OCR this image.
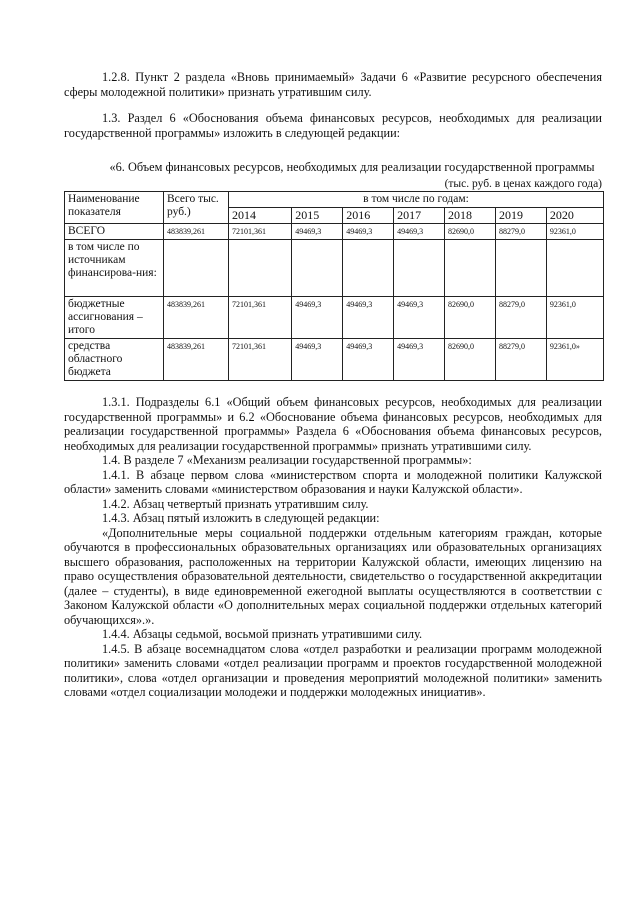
1.2.8. Пункт 2 раздела «Вновь принимаемый» Задачи 6 «Развитие ресурсного обеспечения сферы молодежной политики» признать утратившим силу.

1.3. Раздел 6 «Обоснования объема финансовых ресурсов, необходимых для реализации государственной программы» изложить в следующей редакции:

«6. Объем финансовых ресурсов, необходимых для реализации государственной программы

(тыс. руб. в ценах каждого года)

Наименование показателя	Всего тыс. руб.)	в том числе по годам:						
		2014	2015	2016	2017	2018	2019	2020
ВСЕГО	483839,261	72101,361	49469,3	49469,3	49469,3	82690,0	88279,0	92361,0
в том числе по источникам финансирова-ния:								
бюджетные ассигнования – итого	483839,261	72101,361	49469,3	49469,3	49469,3	82690,0	88279,0	92361,0
средства областного бюджета	483839,261	72101,361	49469,3	49469,3	49469,3	82690,0	88279,0	92361,0»

1.3.1. Подразделы 6.1 «Общий объем финансовых ресурсов, необходимых для реализации государственной программы» и 6.2 «Обоснование объема финансовых ресурсов, необходимых для реализации государственной программы» Раздела 6 «Обоснования объема финансовых ресурсов, необходимых для реализации государственной программы» признать утратившими силу.

1.4. В разделе 7 «Механизм реализации государственной программы»:

1.4.1. В абзаце первом слова «министерством спорта и молодежной политики Калужской области» заменить словами «министерством образования и науки Калужской области».

1.4.2. Абзац четвертый признать утратившим силу.

1.4.3. Абзац пятый изложить в следующей редакции:

«Дополнительные меры социальной поддержки отдельным категориям граждан, которые обучаются в профессиональных образовательных организациях или образовательных организациях высшего образования, расположенных на территории Калужской области, имеющих лицензию на право осуществления образовательной деятельности, свидетельство о государственной аккредитации (далее – студенты), в виде единовременной ежегодной выплаты осуществляются в соответствии с Законом Калужской области «О дополнительных мерах социальной поддержки отдельных категорий обучающихся».».

1.4.4. Абзацы седьмой, восьмой признать утратившими силу.

1.4.5. В абзаце восемнадцатом слова «отдел разработки и реализации программ молодежной политики» заменить словами «отдел реализации программ и проектов государственной молодежной политики», слова «отдел организации и проведения мероприятий молодежной политики» заменить словами «отдел социализации молодежи и поддержки молодежных инициатив».
